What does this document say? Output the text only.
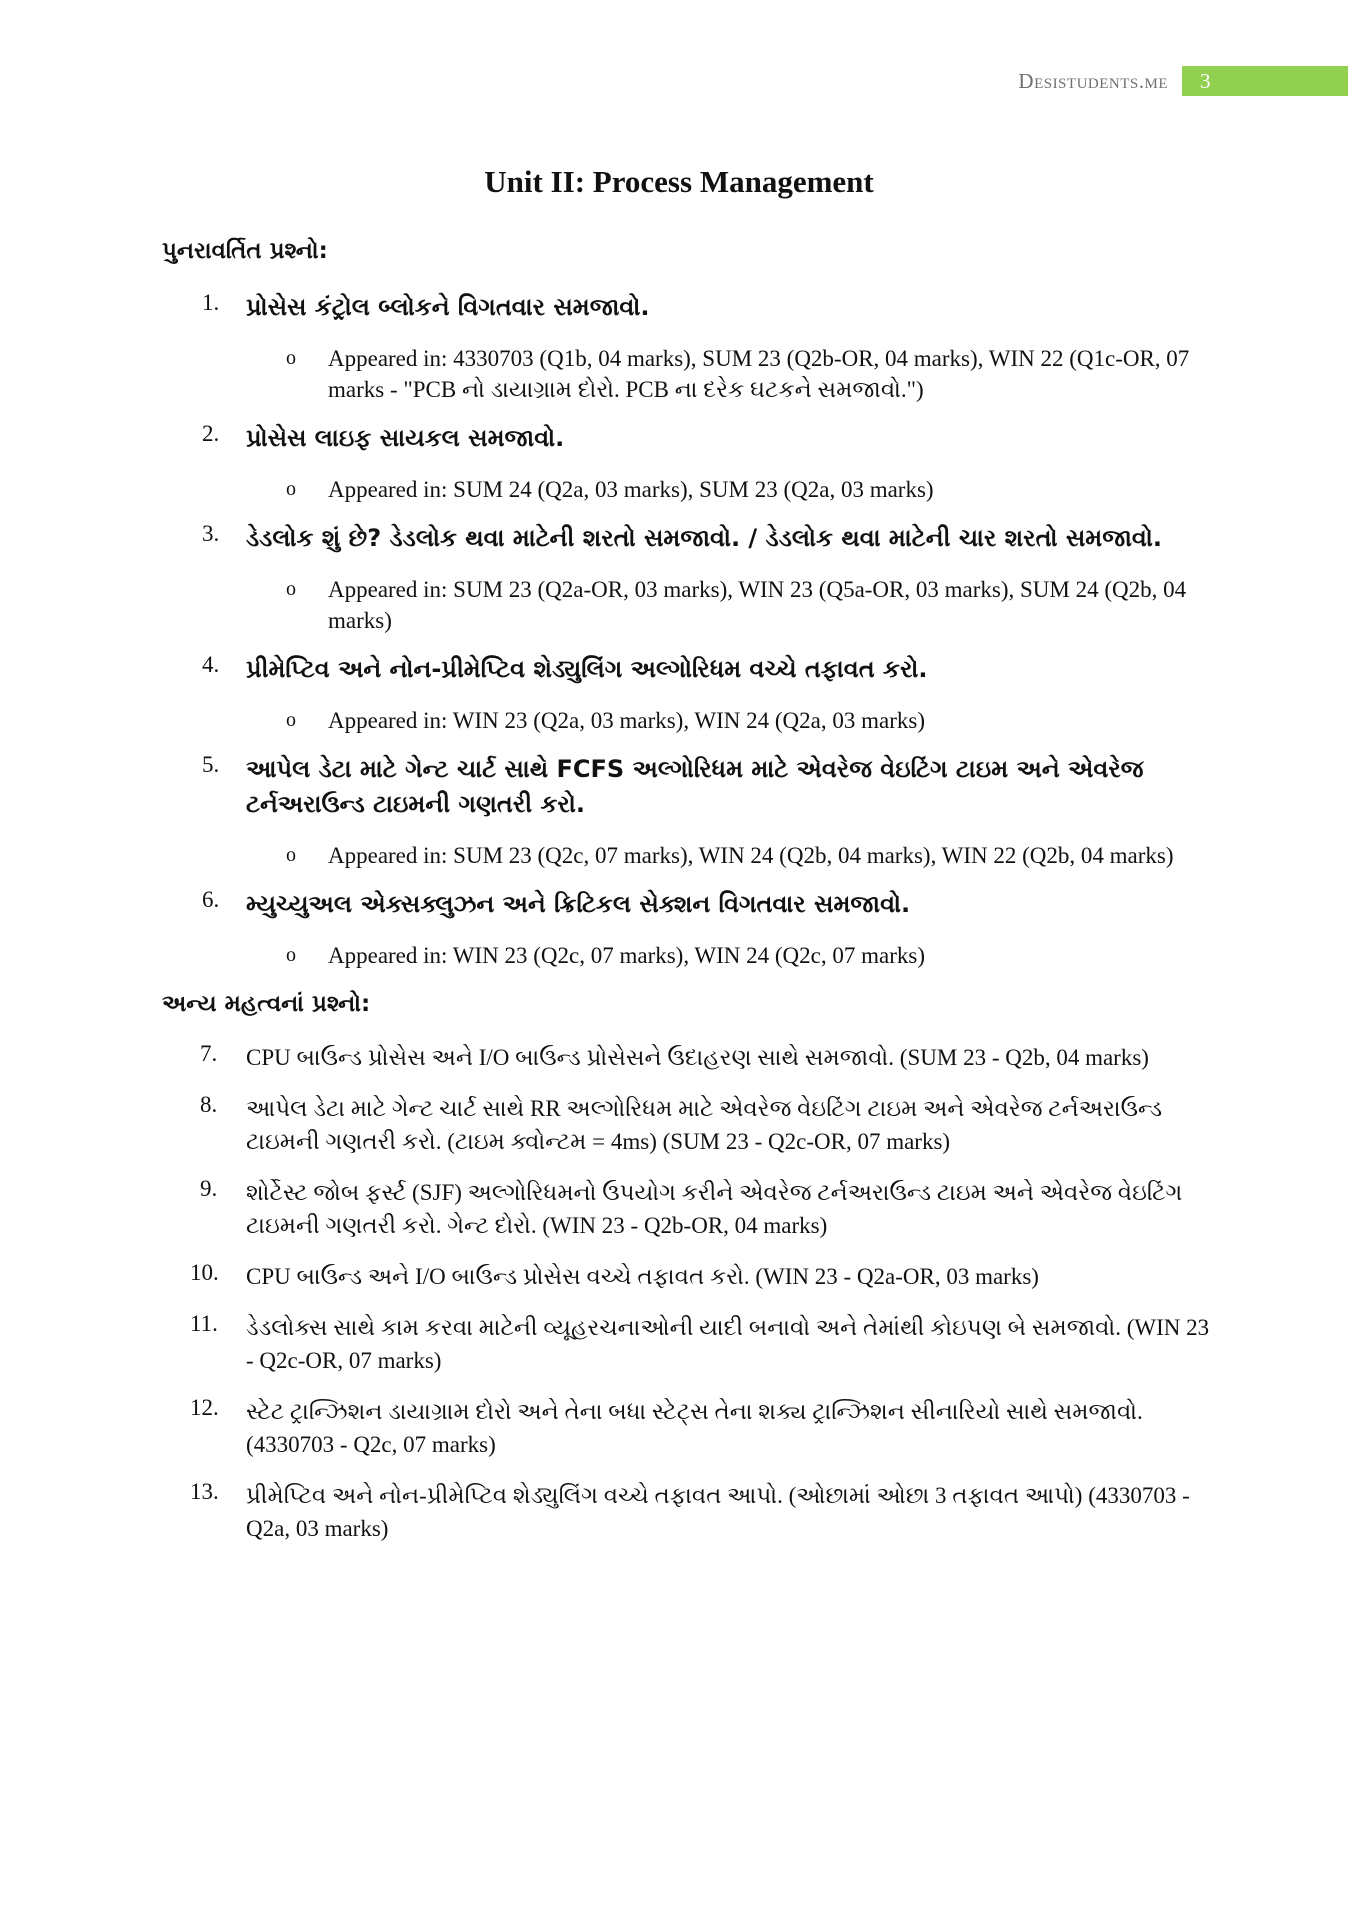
Desistudents.me	3
Unit II: Process Management
પુનરાવર્તિત પ્રશ્નો:
1. પ્રોસેસ કંટ્રોલ બ્લોકને વિગતવાર સમજાવો.
o Appeared in: 4330703 (Q1b, 04 marks), SUM 23 (Q2b-OR, 04 marks), WIN 22 (Q1c-OR, 07 marks - "PCB નો ડાયાગ્રામ દોરો. PCB ના દરેક ઘટકને સમજાવો.")
2. પ્રોસેસ લાઇફ સાયકલ સમજાવો.
o Appeared in: SUM 24 (Q2a, 03 marks), SUM 23 (Q2a, 03 marks)
3. ડેડલોક શું છે? ડેડલોક થવા માટેની શરતો સમજાવો. / ડેડલોક થવા માટેની ચાર શરતો સમજાવો.
o Appeared in: SUM 23 (Q2a-OR, 03 marks), WIN 23 (Q5a-OR, 03 marks), SUM 24 (Q2b, 04 marks)
4. પ્રીમેપ્ટિવ અને નોન-પ્રીમેપ્ટિવ શેડ્યુલિંગ અલ્ગોરિધમ વચ્ચે તફાવત કરો.
o Appeared in: WIN 23 (Q2a, 03 marks), WIN 24 (Q2a, 03 marks)
5. આપેલ ડેટા માટે ગેન્ટ ચાર્ટ સાથે FCFS અલ્ગોરિધમ માટે એવરેજ વેઇટિંગ ટાઇમ અને એવરેજ ટર્નઅરાઉન્ડ ટાઇમની ગણતરી કરો.
o Appeared in: SUM 23 (Q2c, 07 marks), WIN 24 (Q2b, 04 marks), WIN 22 (Q2b, 04 marks)
6. મ્યુચ્યુઅલ એક્સક્લુઝન અને ક્રિટિકલ સેક્શન વિગતવાર સમજાવો.
o Appeared in: WIN 23 (Q2c, 07 marks), WIN 24 (Q2c, 07 marks)
અન્ય મહત્વનાં પ્રશ્નો:
7. CPU બાઉન્ડ પ્રોસેસ અને I/O બાઉન્ડ પ્રોસેસને ઉદાહરણ સાથે સમજાવો. (SUM 23 - Q2b, 04 marks)
8. આપેલ ડેટા માટે ગેન્ટ ચાર્ટ સાથે RR અલ્ગોરિધમ માટે એવરેજ વેઇટિંગ ટાઇમ અને એવરેજ ટર્નઅરાઉન્ડ ટાઇમની ગણતરી કરો. (ટાઇમ ક્વોન્ટમ = 4ms) (SUM 23 - Q2c-OR, 07 marks)
9. શોર્ટેસ્ટ જોબ ફર્સ્ટ (SJF) અલ્ગોરિધમનો ઉપયોગ કરીને એવરેજ ટર્નઅરાઉન્ડ ટાઇમ અને એવરેજ વેઇટિંગ ટાઇમની ગણતરી કરો. ગેન્ટ દોરો. (WIN 23 - Q2b-OR, 04 marks)
10. CPU બાઉન્ડ અને I/O બાઉન્ડ પ્રોસેસ વચ્ચે તફાવત કરો. (WIN 23 - Q2a-OR, 03 marks)
11. ડેડલોક્સ સાથે કામ કરવા માટેની વ્યૂહરચનાઓની યાદી બનાવો અને તેમાંથી કોઇપણ બે સમજાવો. (WIN 23 - Q2c-OR, 07 marks)
12. સ્ટેટ ટ્રાન્ઝિશન ડાયાગ્રામ દોરો અને તેના બધા સ્ટેટ્સ તેના શક્ય ટ્રાન્ઝિશન સીનારિયો સાથે સમજાવો. (4330703 - Q2c, 07 marks)
13. પ્રીમેપ્ટિવ અને નોન-પ્રીમેપ્ટિવ શેડ્યુલિંગ વચ્ચે તફાવત આપો. (ઓછામાં ઓછા 3 તફાવત આપો) (4330703 - Q2a, 03 marks)
